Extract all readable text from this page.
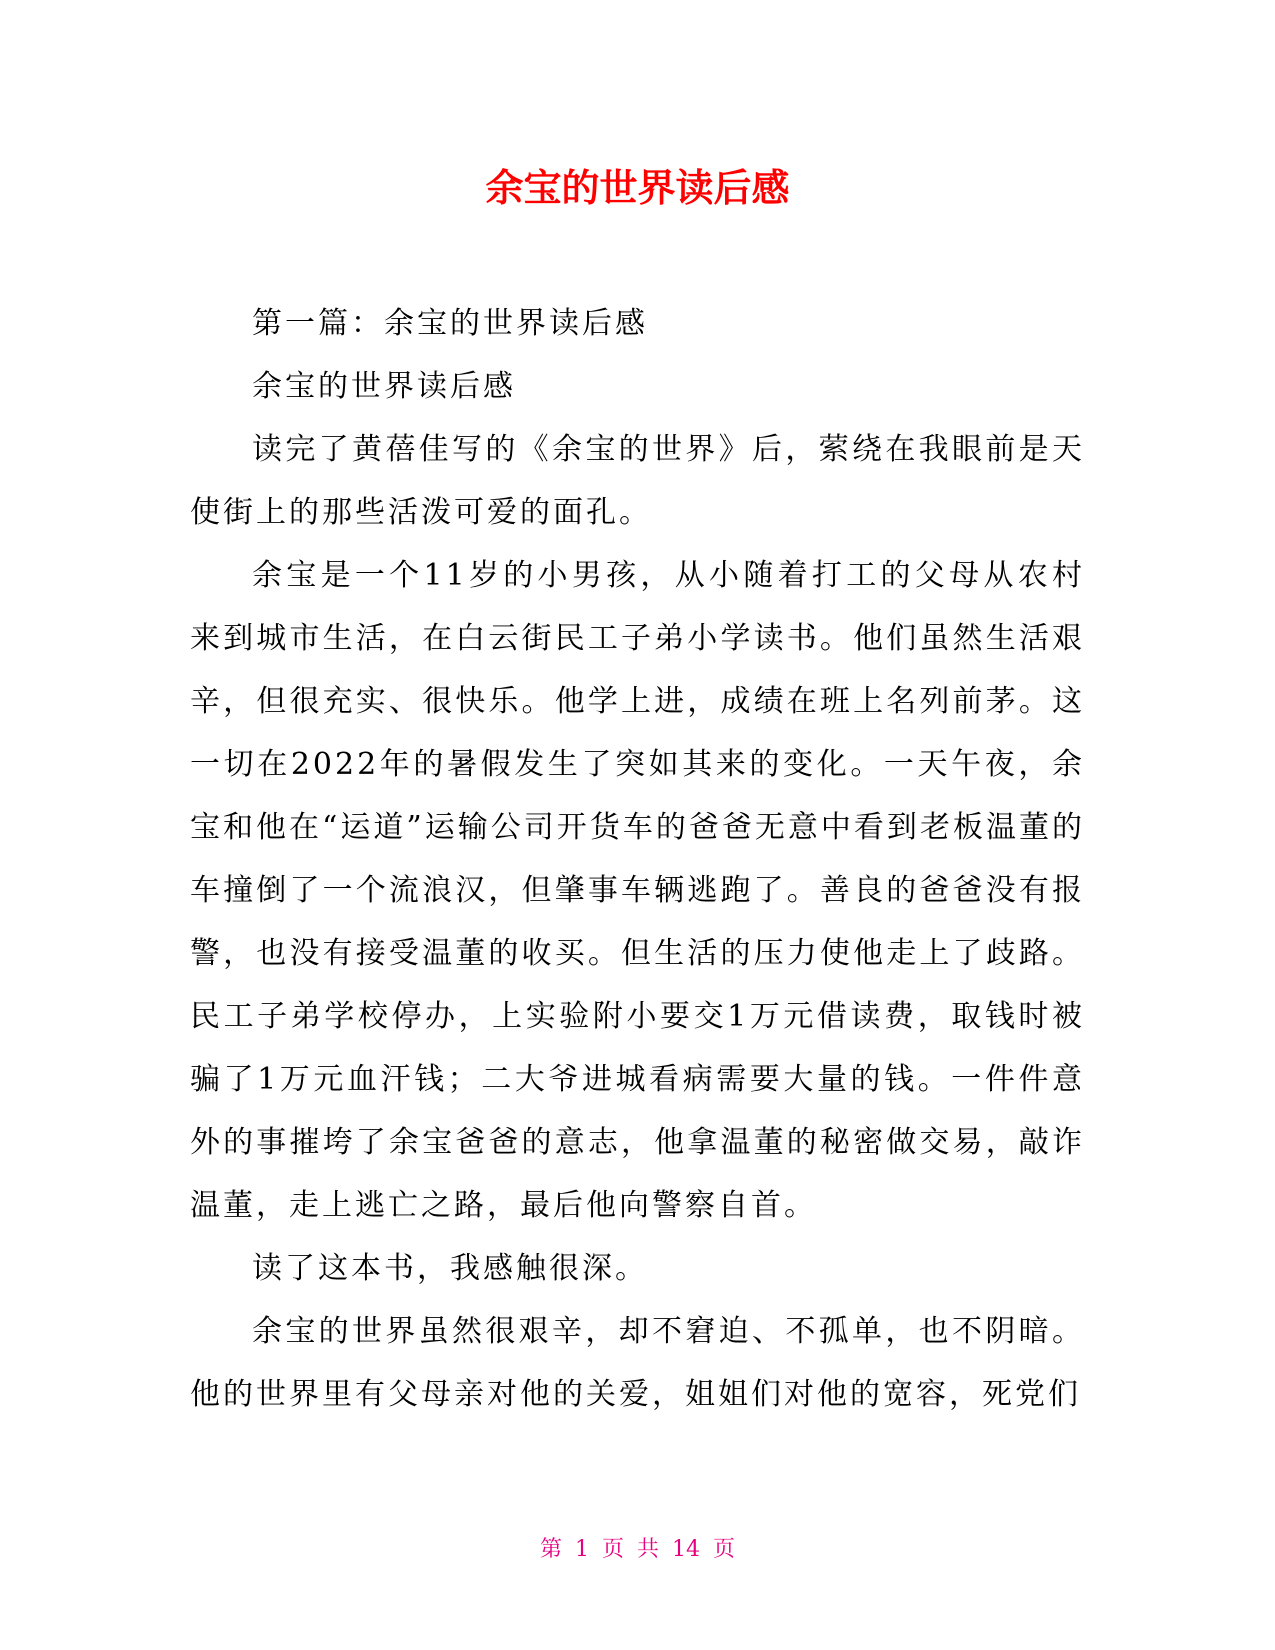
余宝的世界读后感

第一篇：余宝的世界读后感

余宝的世界读后感

读完了黄蓓佳写的《余宝的世界》后，萦绕在我眼前是天使街上的那些活泼可爱的面孔。

余宝是一个11岁的小男孩，从小随着打工的父母从农村来到城市生活，在白云街民工子弟小学读书。他们虽然生活艰辛，但很充实、很快乐。他学上进，成绩在班上名列前茅。这一切在2022年的暑假发生了突如其来的变化。一天午夜，余宝和他在“运道”运输公司开货车的爸爸无意中看到老板温董的车撞倒了一个流浪汉，但肇事车辆逃跑了。善良的爸爸没有报警，也没有接受温董的收买。但生活的压力使他走上了歧路。民工子弟学校停办，上实验附小要交1万元借读费，取钱时被骗了1万元血汗钱；二大爷进城看病需要大量的钱。一件件意外的事摧垮了余宝爸爸的意志，他拿温董的秘密做交易，敲诈温董，走上逃亡之路，最后他向警察自首。

读了这本书，我感触很深。

余宝的世界虽然很艰辛，却不窘迫、不孤单，也不阴暗。他的世界里有父母亲对他的关爱，姐姐们对他的宽容，死党们

第 1 页 共 14 页
